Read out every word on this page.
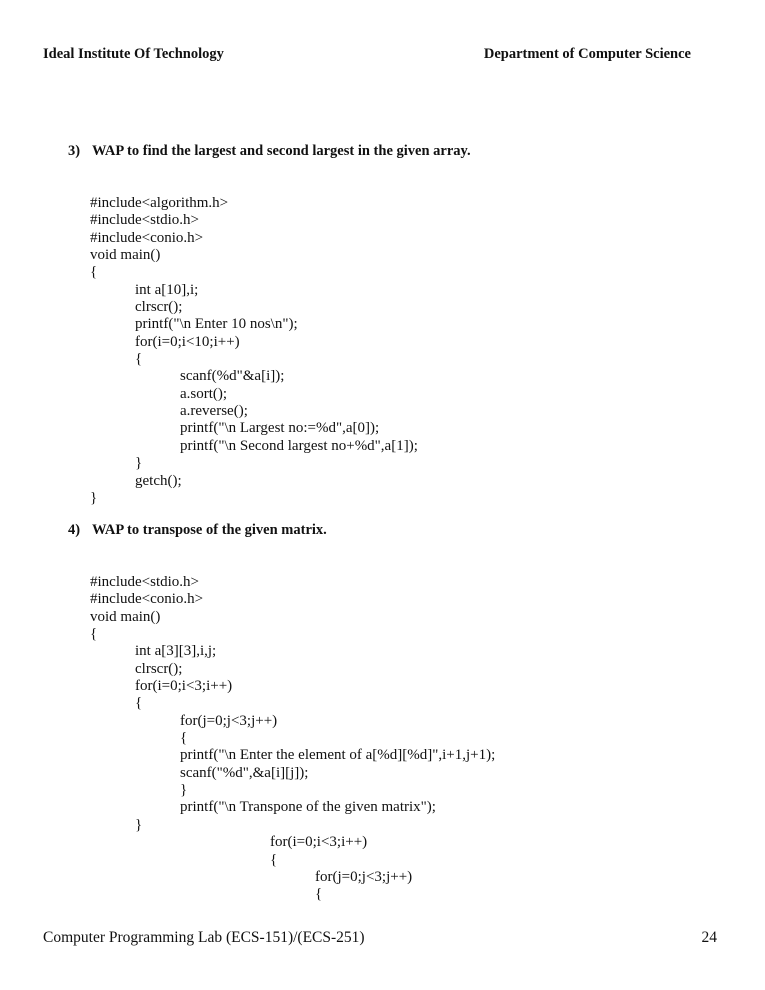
Ideal Institute Of Technology	Department of Computer Science
3) WAP to find the largest and second largest in the given array.
#include<algorithm.h>
#include<stdio.h>
#include<conio.h>
void main()
{
int a[10],i;
clrscr();
printf("\n Enter 10 nos\n");
for(i=0;i<10;i++)
{
scanf(%d"&a[i]);
a.sort();
a.reverse();
printf("\n Largest no:=%d",a[0]);
printf("\n Second largest no+%d",a[1]);
}
getch();
}
4) WAP to transpose of the given matrix.
#include<stdio.h>
#include<conio.h>
void main()
{
int a[3][3],i,j;
clrscr();
for(i=0;i<3;i++)
{
for(j=0;j<3;j++)
{
printf("\n Enter the element of a[%d][%d]",i+1,j+1);
scanf("%d",&a[i][j]);
}
printf("\n Transpone of the given matrix");
}
for(i=0;i<3;i++)
{
for(j=0;j<3;j++)
{
Computer Programming Lab (ECS-151)/(ECS-251)	24
